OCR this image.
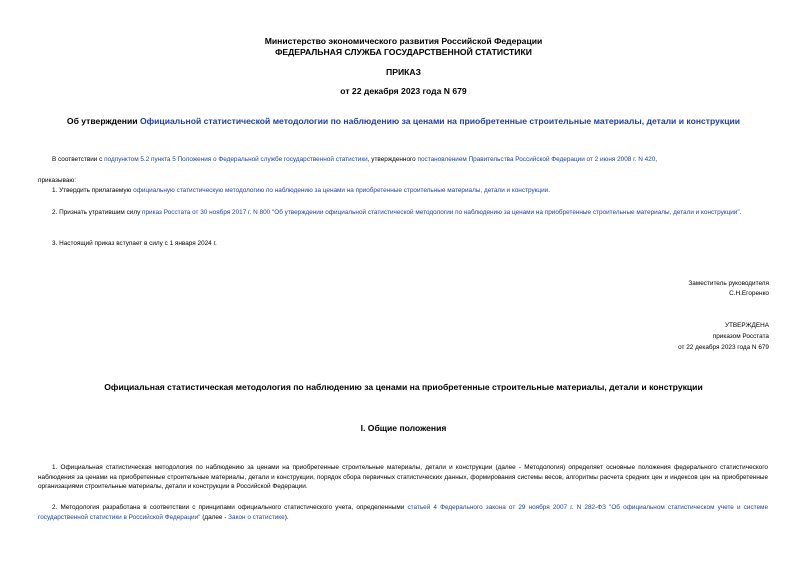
Министерство экономического развития Российской Федерации
ФЕДЕРАЛЬНАЯ СЛУЖБА ГОСУДАРСТВЕННОЙ СТАТИСТИКИ
ПРИКАЗ
от 22 декабря 2023 года N 679
Об утверждении Официальной статистической методологии по наблюдению за ценами на приобретенные строительные материалы, детали и конструкции
В соответствии с подпунктом 5.2 пункта 5 Положения о Федеральной службе государственной статистики, утвержденного постановлением Правительства Российской Федерации от 2 июня 2008 г. N 420,
приказываю:
1. Утвердить прилагаемую официальную статистическую методологию по наблюдению за ценами на приобретенные строительные материалы, детали и конструкции.
2. Признать утратившим силу приказ Росстата от 30 ноября 2017 г. N 800 "Об утверждении официальной статистической методологии по наблюдению за ценами на приобретенные строительные материалы, детали и конструкции".
3. Настоящий приказ вступает в силу с 1 января 2024 г.
Заместитель руководителя
С.Н.Егоренко
УТВЕРЖДЕНА
приказом Росстата
от 22 декабря 2023 года N 679
Официальная статистическая методология по наблюдению за ценами на приобретенные строительные материалы, детали и конструкции
I. Общие положения
1. Официальная статистическая методология по наблюдению за ценами на приобретенные строительные материалы, детали и конструкции (далее - Методология) определяет основные положения федерального статистического наблюдения за ценами на приобретенные строительные материалы, детали и конструкции, порядок сбора первичных статистических данных, формирования системы весов, алгоритмы расчета средних цен и индексов цен на приобретенные организациями строительные материалы, детали и конструкции в Российской Федерации.
2. Методология разработана в соответствии с принципами официального статистического учета, определенными статьей 4 Федерального закона от 29 ноября 2007 г. N 282-ФЗ "Об официальном статистическом учете и системе государственной статистики в Российской Федерации" (далее - Закон о статистике).
